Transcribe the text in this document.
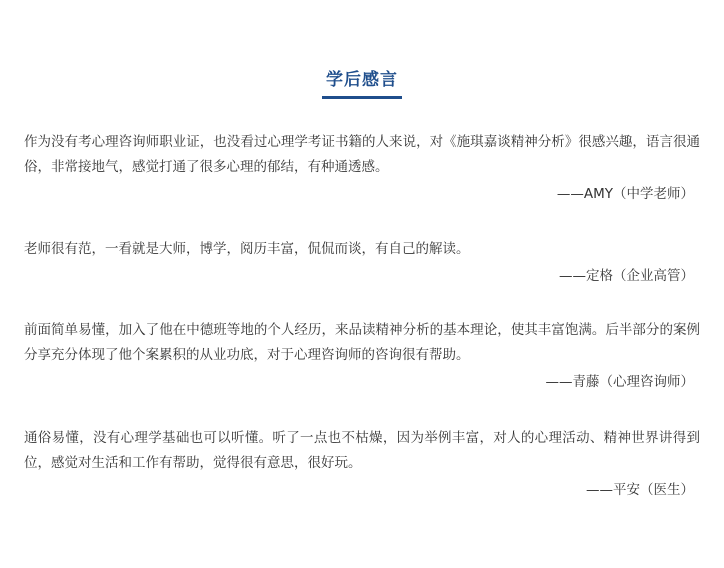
学后感言

作为没有考心理咨询师职业证，也没看过心理学考证书籍的人来说，对《施琪嘉谈精神分析》很感兴趣，语言很通俗，非常接地气，感觉打通了很多心理的郁结，有种通透感。

——AMY（中学老师）

老师很有范，一看就是大师，博学，阅历丰富，侃侃而谈，有自己的解读。

——定格（企业高管）

前面简单易懂，加入了他在中德班等地的个人经历，来品读精神分析的基本理论，使其丰富饱满。后半部分的案例分享充分体现了他个案累积的从业功底，对于心理咨询师的咨询很有帮助。

——青藤（心理咨询师）

通俗易懂，没有心理学基础也可以听懂。听了一点也不枯燥，因为举例丰富，对人的心理活动、精神世界讲得到位，感觉对生活和工作有帮助，觉得很有意思，很好玩。

——平安（医生）
